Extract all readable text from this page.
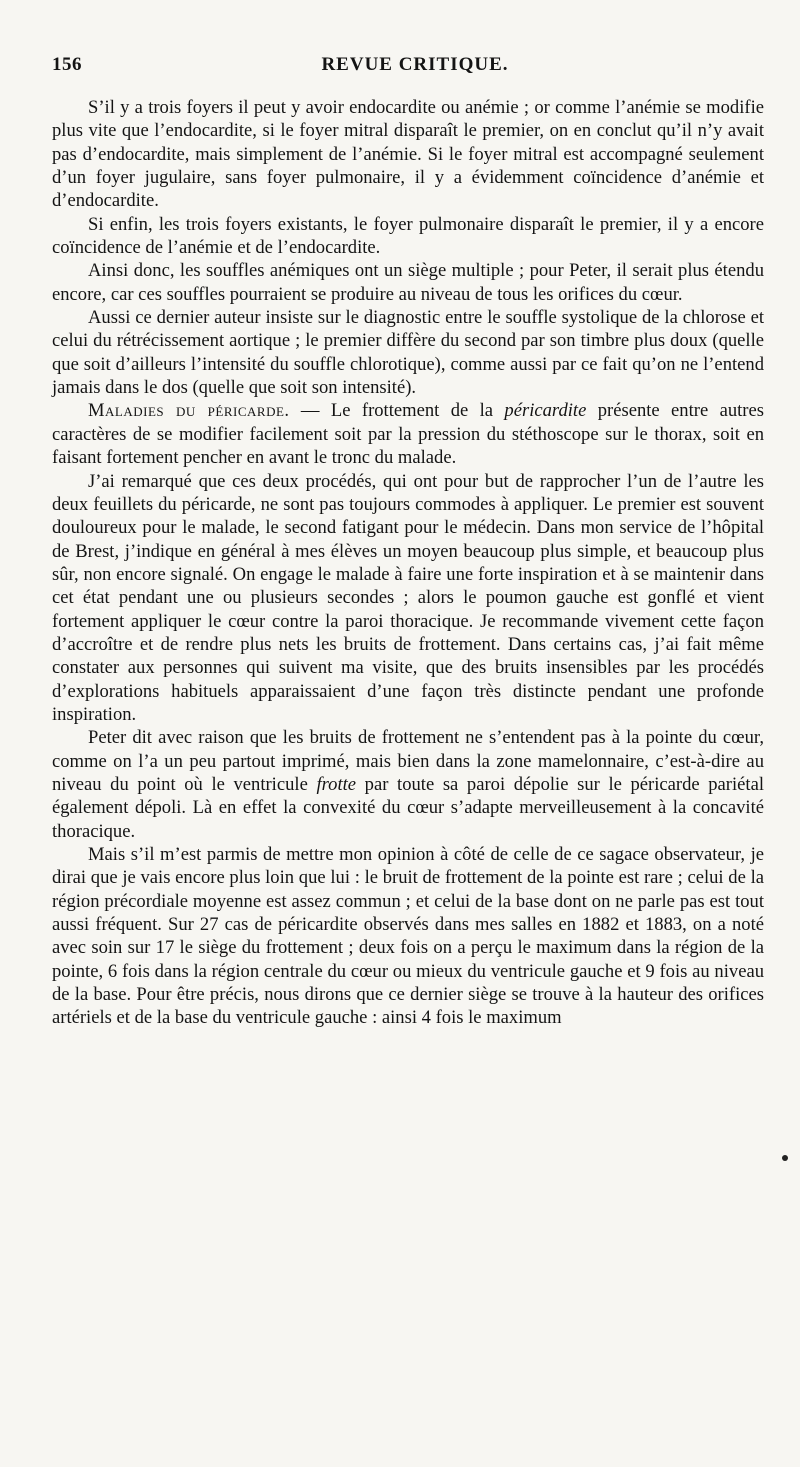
156	REVUE CRITIQUE.

S’il y a trois foyers il peut y avoir endocardite ou anémie ; or comme l’anémie se modifie plus vite que l’endocardite, si le foyer mitral disparaît le premier, on en conclut qu’il n’y avait pas d’endocardite, mais simplement de l’anémie. Si le foyer mitral est accompagné seulement d’un foyer jugulaire, sans foyer pulmonaire, il y a évidemment coïncidence d’anémie et d’endocardite.

Si enfin, les trois foyers existants, le foyer pulmonaire disparaît le premier, il y a encore coïncidence de l’anémie et de l’endocardite.

Ainsi donc, les souffles anémiques ont un siège multiple ; pour Peter, il serait plus étendu encore, car ces souffles pourraient se produire au niveau de tous les orifices du cœur.

Aussi ce dernier auteur insiste sur le diagnostic entre le souffle systolique de la chlorose et celui du rétrécissement aortique ; le premier diffère du second par son timbre plus doux (quelle que soit d’ailleurs l’intensité du souffle chlorotique), comme aussi par ce fait qu’on ne l’entend jamais dans le dos (quelle que soit son intensité).

Maladies du péricarde. — Le frottement de la péricardite présente entre autres caractères de se modifier facilement soit par la pression du stéthoscope sur le thorax, soit en faisant fortement pencher en avant le tronc du malade.

J’ai remarqué que ces deux procédés, qui ont pour but de rapprocher l’un de l’autre les deux feuillets du péricarde, ne sont pas toujours commodes à appliquer. Le premier est souvent douloureux pour le malade, le second fatigant pour le médecin. Dans mon service de l’hôpital de Brest, j’indique en général à mes élèves un moyen beaucoup plus simple, et beaucoup plus sûr, non encore signalé. On engage le malade à faire une forte inspiration et à se maintenir dans cet état pendant une ou plusieurs secondes ; alors le poumon gauche est gonflé et vient fortement appliquer le cœur contre la paroi thoracique. Je recommande vivement cette façon d’accroître et de rendre plus nets les bruits de frottement. Dans certains cas, j’ai fait même constater aux personnes qui suivent ma visite, que des bruits insensibles par les procédés d’explorations habituels apparaissaient d’une façon très distincte pendant une profonde inspiration.

Peter dit avec raison que les bruits de frottement ne s’entendent pas à la pointe du cœur, comme on l’a un peu partout imprimé, mais bien dans la zone mamelonnaire, c’est-à-dire au niveau du point où le ventricule frotte par toute sa paroi dépolie sur le péricarde pariétal également dépoli. Là en effet la convexité du cœur s’adapte merveilleusement à la concavité thoracique.

Mais s’il m’est parmis de mettre mon opinion à côté de celle de ce sagace observateur, je dirai que je vais encore plus loin que lui : le bruit de frottement de la pointe est rare ; celui de la région précordiale moyenne est assez commun ; et celui de la base dont on ne parle pas est tout aussi fréquent. Sur 27 cas de péricardite observés dans mes salles en 1882 et 1883, on a noté avec soin sur 17 le siège du frottement ; deux fois on a perçu le maximum dans la région de la pointe, 6 fois dans la région centrale du cœur ou mieux du ventricule gauche et 9 fois au niveau de la base. Pour être précis, nous dirons que ce dernier siège se trouve à la hauteur des orifices artériels et de la base du ventricule gauche : ainsi 4 fois le maximum
